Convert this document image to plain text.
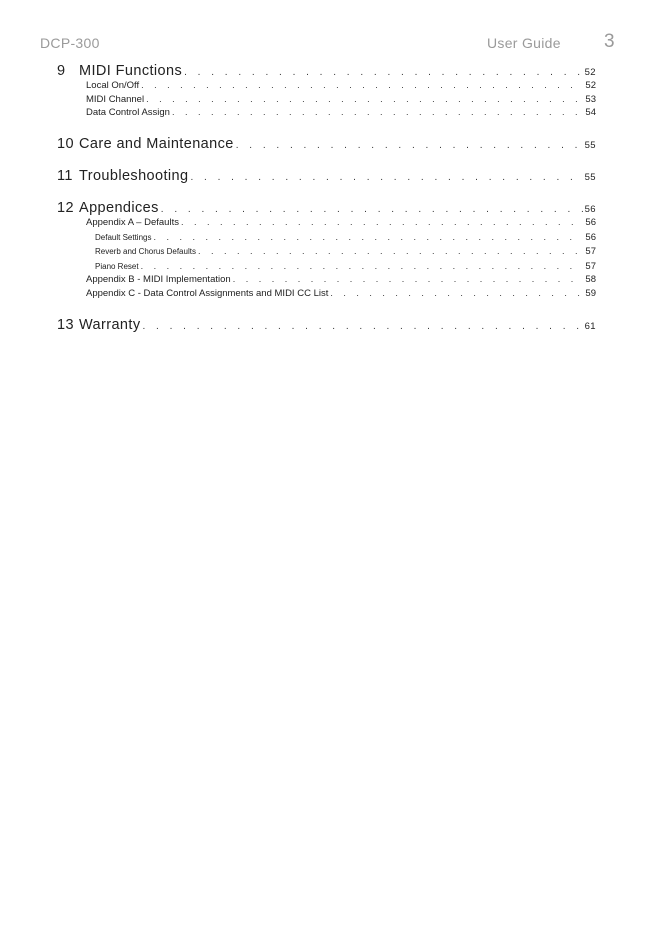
DCP-300	User Guide 3
9 MIDI Functions . . .	52
Local On/Off . . .	52
MIDI Channel . . .	53
Data Control Assign . . .	54
10 Care and Maintenance . . .	55
11 Troubleshooting . . .	55
12 Appendices . . .	56
Appendix A – Defaults . . .	56
Default Settings . . .	56
Reverb and Chorus Defaults . . .	57
Piano Reset . . .	57
Appendix B - MIDI Implementation . . .	58
Appendix C - Data Control Assignments and MIDI CC List . . .	59
13 Warranty . . .	61
